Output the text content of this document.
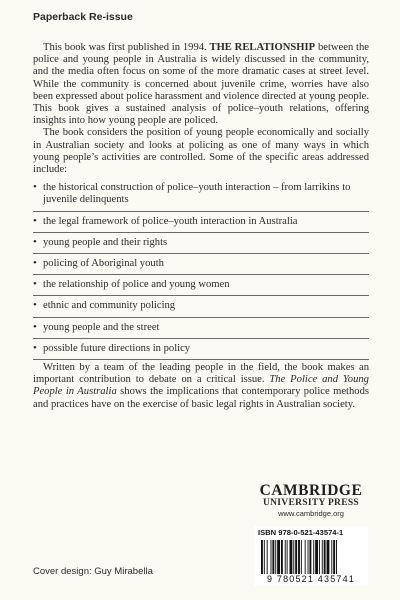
Paperback Re-issue

This book was first published in 1994. THE RELATIONSHIP between the police and young people in Australia is widely discussed in the community, and the media often focus on some of the more dramatic cases at street level. While the community is concerned about juvenile crime, worries have also been expressed about police harassment and violence directed at young people. This book gives a sustained analysis of police–youth relations, offering insights into how young people are policed.

The book considers the position of young people economically and socially in Australian society and looks at policing as one of many ways in which young people’s activities are controlled. Some of the specific areas addressed include:

• the historical construction of police–youth interaction – from larrikins to juvenile delinquents
• the legal framework of police–youth interaction in Australia
• young people and their rights
• policing of Aboriginal youth
• the relationship of police and young women
• ethnic and community policing
• young people and the street
• possible future directions in policy

Written by a team of the leading people in the field, the book makes an important contribution to debate on a critical issue. The Police and Young People in Australia shows the implications that contemporary police methods and practices have on the exercise of basic legal rights in Australian society.

CAMBRIDGE
UNIVERSITY PRESS
www.cambridge.org
ISBN 978-0-521-43574-1
9 780521 435741
Cover design: Guy Mirabella
